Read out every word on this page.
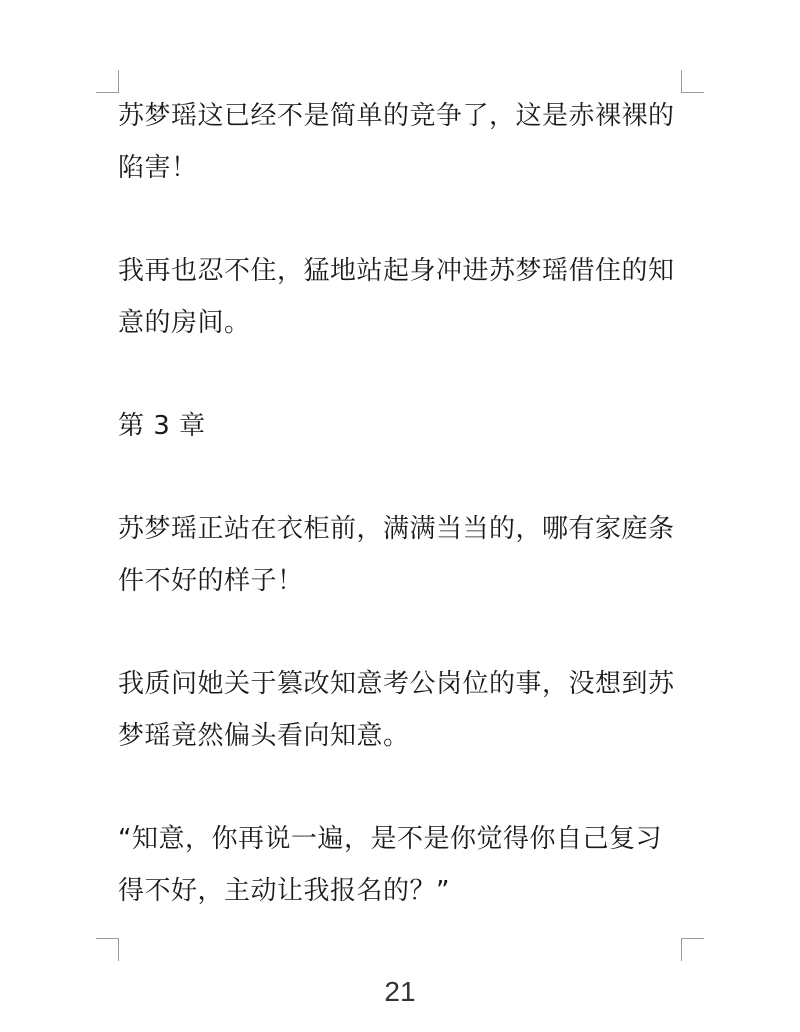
苏梦瑶这已经不是简单的竞争了，这是赤裸裸的陷害！

我再也忍不住，猛地站起身冲进苏梦瑶借住的知意的房间。

第 3 章

苏梦瑶正站在衣柜前，满满当当的，哪有家庭条件不好的样子！

我质问她关于篡改知意考公岗位的事，没想到苏梦瑶竟然偏头看向知意。

“知意，你再说一遍，是不是你觉得你自己复习得不好，主动让我报名的？”

21
